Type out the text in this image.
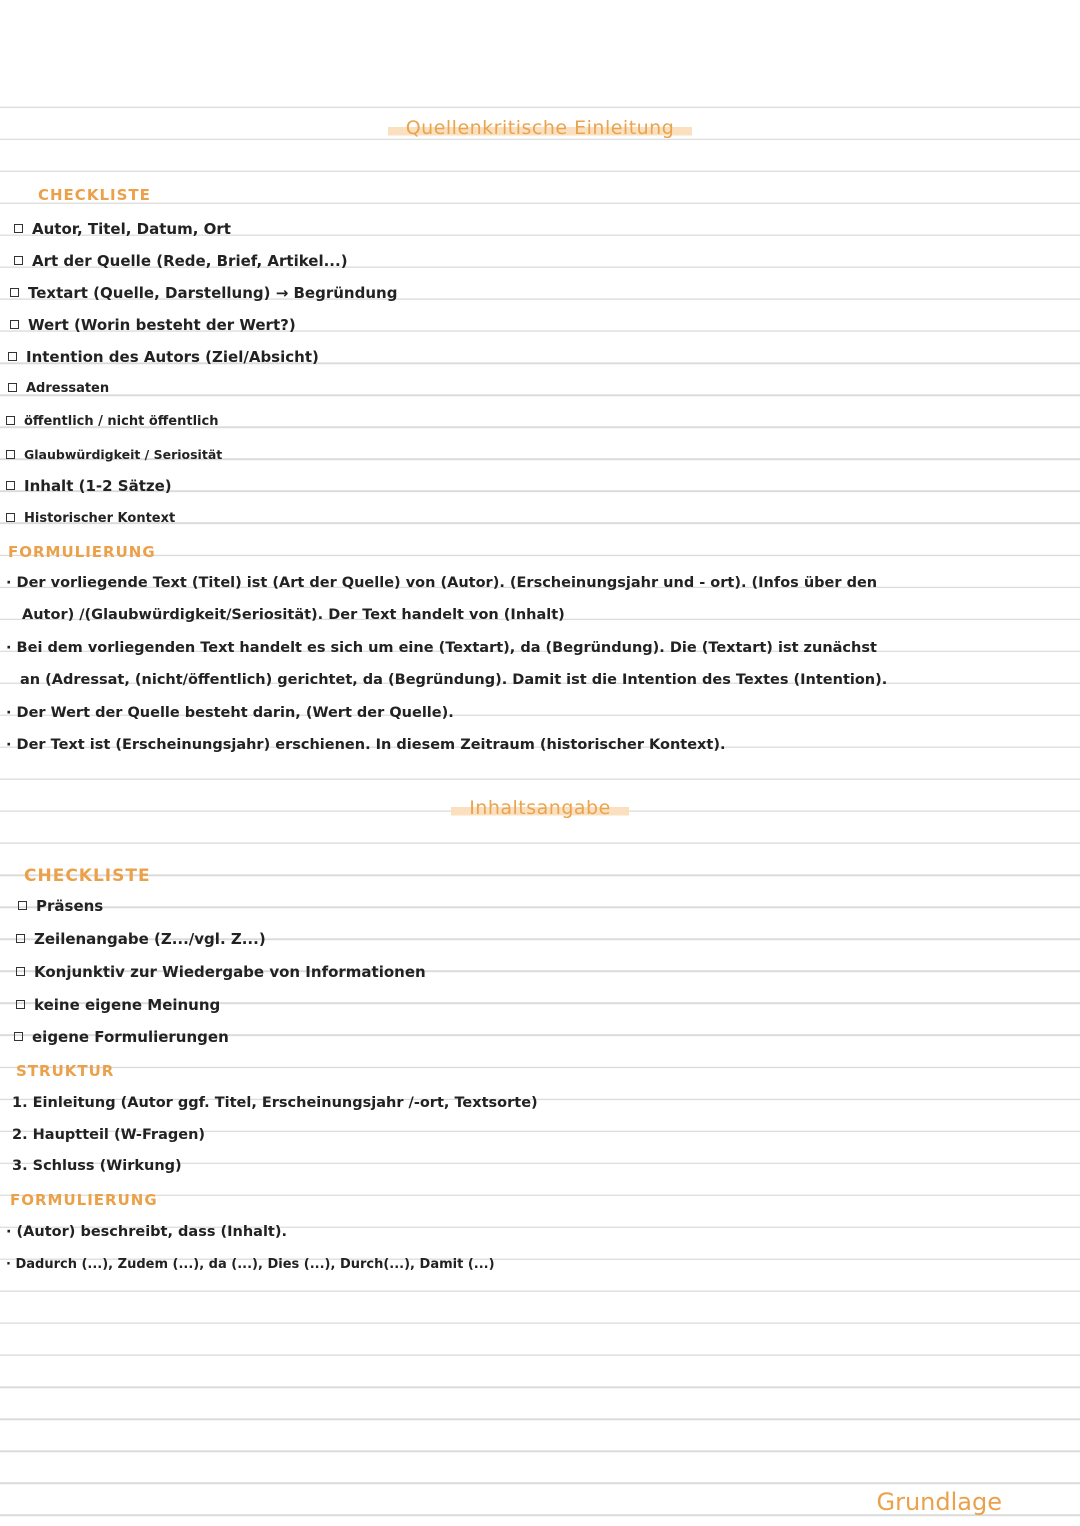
Quellenkritische Einleitung
CHECKLISTE
Autor, Titel, Datum, Ort
Art der Quelle (Rede, Brief, Artikel...)
Textart (Quelle, Darstellung) → Begründung
Wert (Worin besteht der Wert?)
Intention des Autors (Ziel/Absicht)
Adressaten
öffentlich / nicht öffentlich
Glaubwürdigkeit / Seriosität
Inhalt (1-2 Sätze)
Historischer Kontext
FORMULIERUNG
· Der vorliegende Text (Titel) ist (Art der Quelle) von (Autor). (Erscheinungsjahr und - ort). (Infos über den
Autor) /(Glaubwürdigkeit/Seriosität). Der Text handelt von (Inhalt)
· Bei dem vorliegenden Text handelt es sich um eine (Textart), da (Begründung). Die (Textart) ist zunächst
an (Adressat, (nicht/öffentlich) gerichtet, da (Begründung). Damit ist die Intention des Textes (Intention).
· Der Wert der Quelle besteht darin, (Wert der Quelle).
· Der Text ist (Erscheinungsjahr) erschienen. In diesem Zeitraum (historischer Kontext).
Inhaltsangabe
CHECKLISTE
Präsens
Zeilenangabe (Z.../vgl. Z...)
Konjunktiv zur Wiedergabe von Informationen
keine eigene Meinung
eigene Formulierungen
STRUKTUR
1. Einleitung (Autor ggf. Titel, Erscheinungsjahr /-ort, Textsorte)
2. Hauptteil (W-Fragen)
3. Schluss (Wirkung)
FORMULIERUNG
· (Autor) beschreibt, dass (Inhalt).
· Dadurch (...), Zudem (...), da (...), Dies (...), Durch(...), Damit (...)
Grundlage
